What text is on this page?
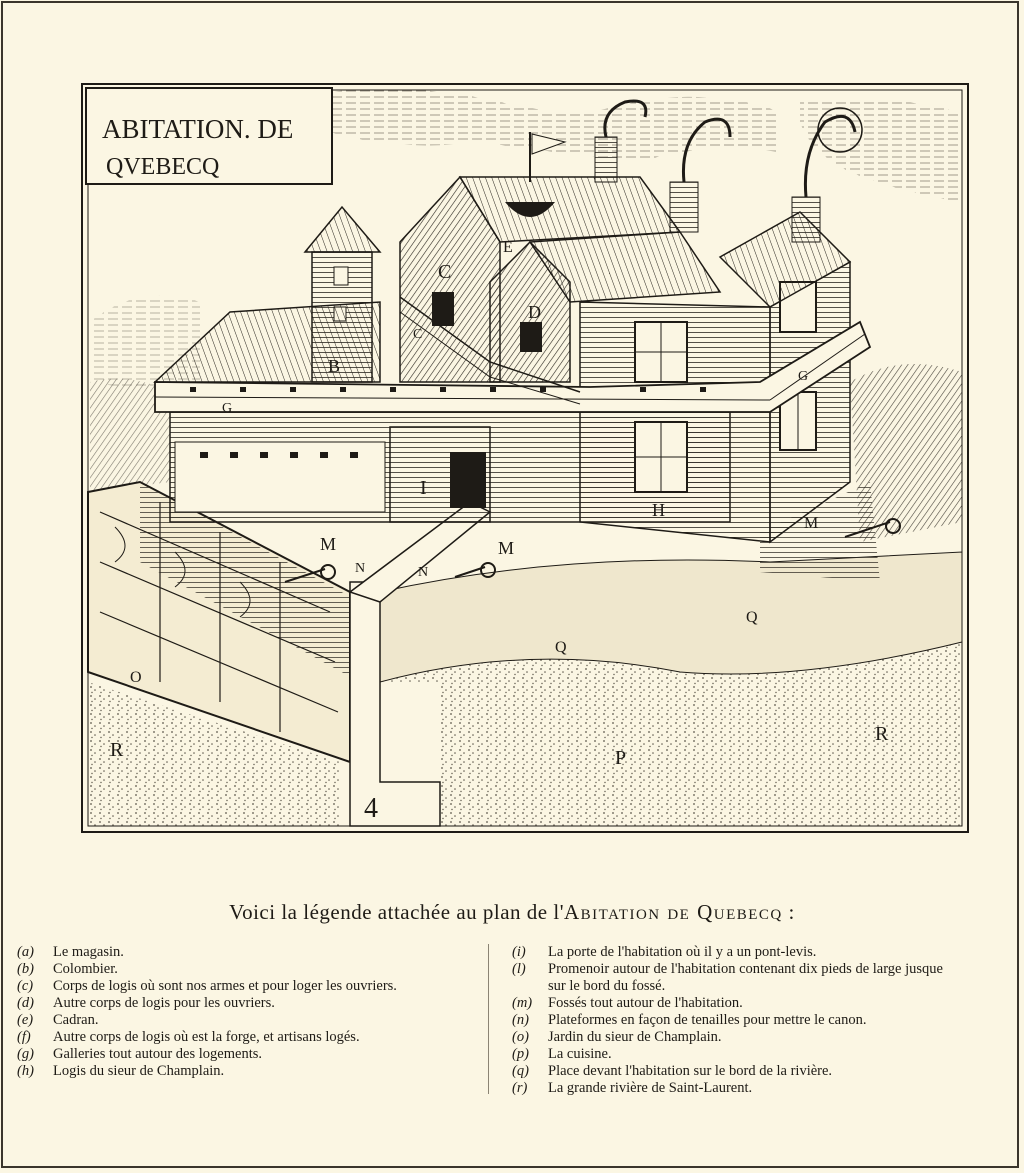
ABITATION. DE
QVEBECQ
B
C
C
D
E
G
G
H
I
M	M
M
N	N
O
P
Q
Q
R
R
4
Voici la légende attachée au plan de l'Abitation de Quebecq :
(a) Le magasin.
(b) Colombier.
(c) Corps de logis où sont nos armes et pour loger les ouvriers.
(d) Autre corps de logis pour les ouvriers.
(e) Cadran.
(f) Autre corps de logis où est la forge, et artisans logés.
(g) Galleries tout autour des logements.
(h) Logis du sieur de Champlain.
(i) La porte de l'habitation où il y a un pont-levis.
(l) Promenoir autour de l'habitation contenant dix pieds de large jusque sur le bord du fossé.
(m) Fossés tout autour de l'habitation.
(n) Plateformes en façon de tenailles pour mettre le canon.
(o) Jardin du sieur de Champlain.
(p) La cuisine.
(q) Place devant l'habitation sur le bord de la rivière.
(r) La grande rivière de Saint-Laurent.
